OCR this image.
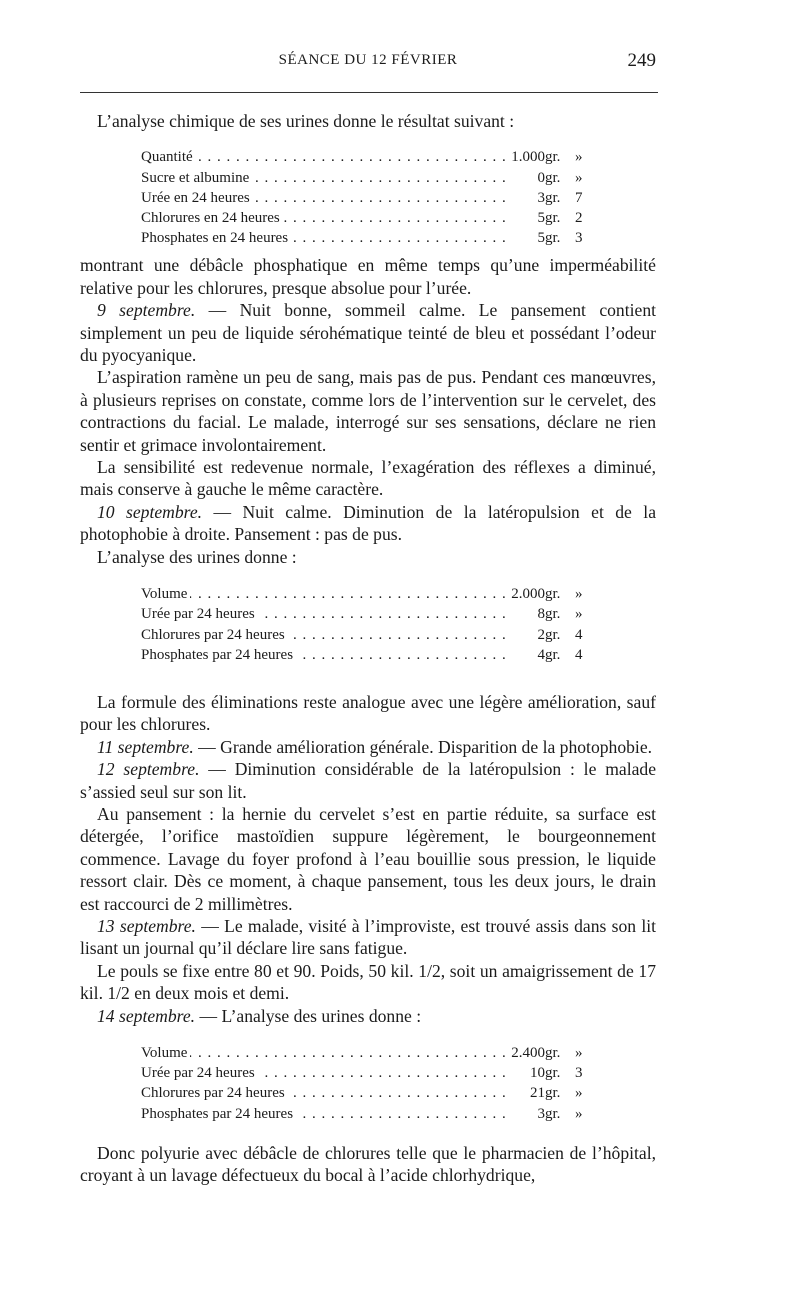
SÉANCE DU 12 FÉVRIER	249

L’analyse chimique de ses urines donne le résultat suivant :

Quantité . . .	1.000	gr.	»
Sucre et albumine . . .	0	gr.	»
Urée en 24 heures . . .	3	gr.	7
Chlorures en 24 heures . . .	5	gr.	2
Phosphates en 24 heures . . .	5	gr.	3

montrant une débâcle phosphatique en même temps qu’une imperméabilité relative pour les chlorures, presque absolue pour l’urée.

9 septembre. — Nuit bonne, sommeil calme. Le pansement contient simplement un peu de liquide sérohématique teinté de bleu et possédant l’odeur du pyocyanique.

L’aspiration ramène un peu de sang, mais pas de pus. Pendant ces manœuvres, à plusieurs reprises on constate, comme lors de l’intervention sur le cervelet, des contractions du facial. Le malade, interrogé sur ses sensations, déclare ne rien sentir et grimace involontairement.

La sensibilité est redevenue normale, l’exagération des réflexes a diminué, mais conserve à gauche le même caractère.

10 septembre. — Nuit calme. Diminution de la latéropulsion et de la photophobie à droite. Pansement : pas de pus.

L’analyse des urines donne :

Volume . . .	2.000	gr.	»
Urée par 24 heures . . .	8	gr.	»
Chlorures par 24 heures . . .	2	gr.	4
Phosphates par 24 heures . . .	4	gr.	4

La formule des éliminations reste analogue avec une légère amélioration, sauf pour les chlorures.

11 septembre. — Grande amélioration générale. Disparition de la photophobie.

12 septembre. — Diminution considérable de la latéropulsion : le malade s’assied seul sur son lit.

Au pansement : la hernie du cervelet s’est en partie réduite, sa surface est détergée, l’orifice mastoïdien suppure légèrement, le bourgeonnement commence. Lavage du foyer profond à l’eau bouillie sous pression, le liquide ressort clair. Dès ce moment, à chaque pansement, tous les deux jours, le drain est raccourci de 2 millimètres.

13 septembre. — Le malade, visité à l’improviste, est trouvé assis dans son lit lisant un journal qu’il déclare lire sans fatigue.

Le pouls se fixe entre 80 et 90. Poids, 50 kil. 1/2, soit un amaigrissement de 17 kil. 1/2 en deux mois et demi.

14 septembre. — L’analyse des urines donne :

Volume . . .	2.400	gr.	»
Urée par 24 heures . . .	10	gr.	3
Chlorures par 24 heures . . .	21	gr.	»
Phosphates par 24 heures . . .	3	gr.	»

Donc polyurie avec débâcle de chlorures telle que le pharmacien de l’hôpital, croyant à un lavage défectueux du bocal à l’acide chlorhydrique,
